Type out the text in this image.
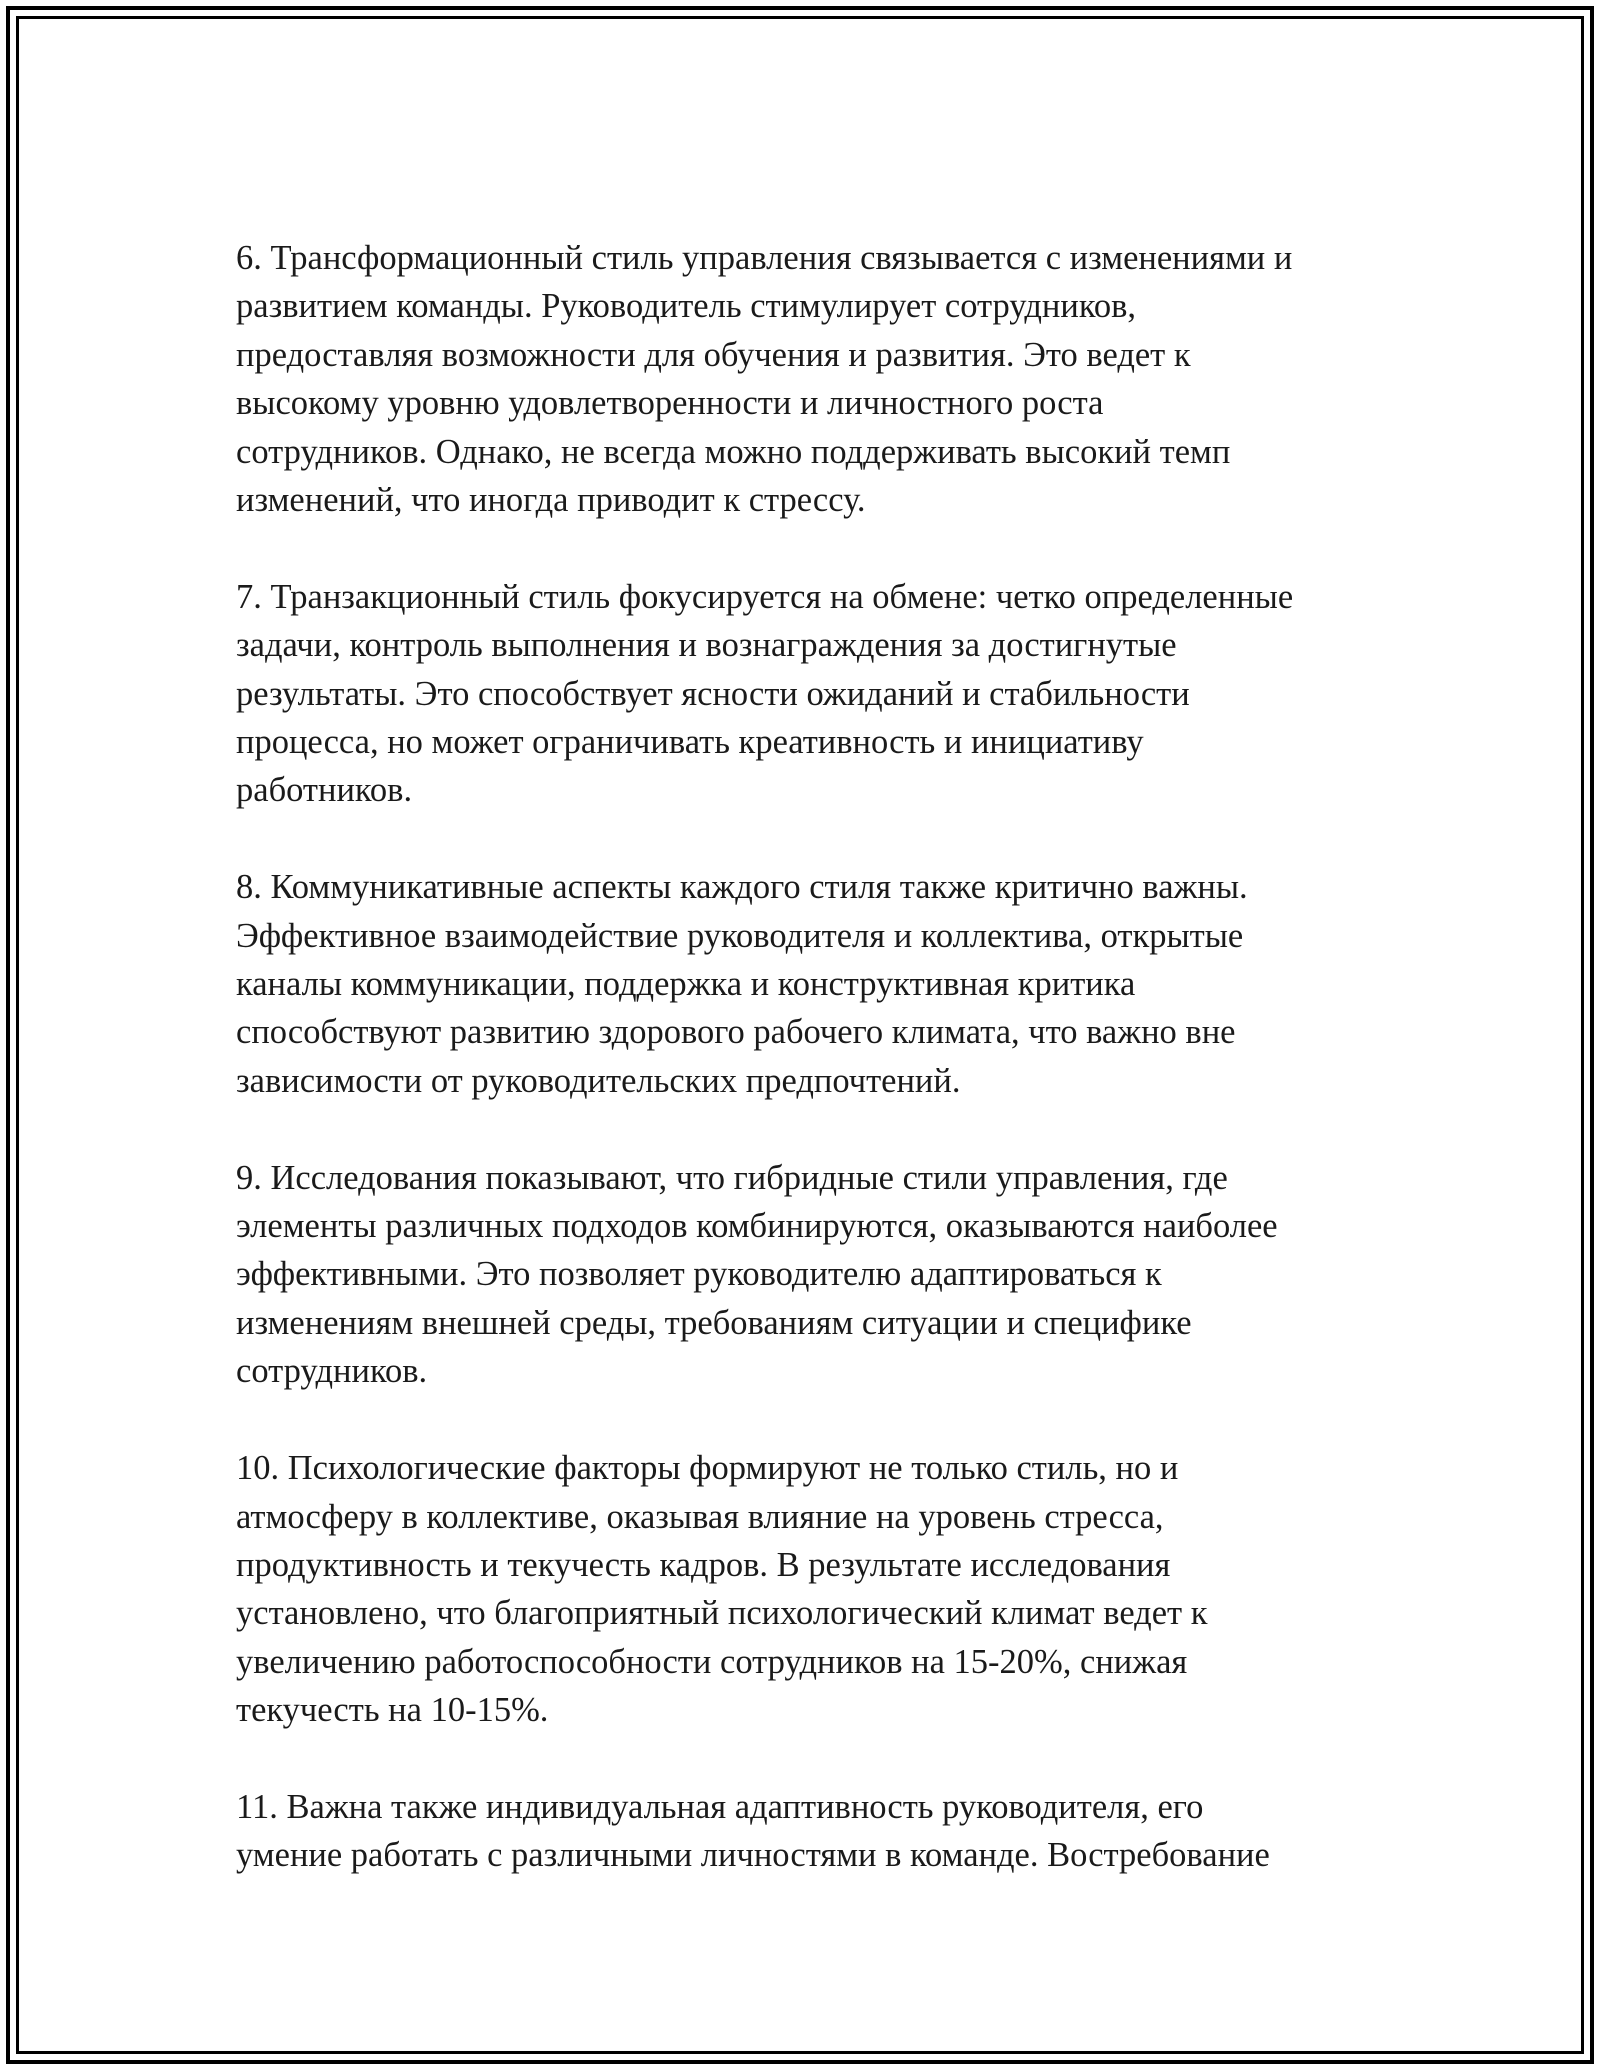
6. Трансформационный стиль управления связывается с изменениями и
развитием команды. Руководитель стимулирует сотрудников,
предоставляя возможности для обучения и развития. Это ведет к
высокому уровню удовлетворенности и личностного роста
сотрудников. Однако, не всегда можно поддерживать высокий темп
изменений, что иногда приводит к стрессу.

7. Транзакционный стиль фокусируется на обмене: четко определенные
задачи, контроль выполнения и вознаграждения за достигнутые
результаты. Это способствует ясности ожиданий и стабильности
процесса, но может ограничивать креативность и инициативу
работников.

8. Коммуникативные аспекты каждого стиля также критично важны.
Эффективное взаимодействие руководителя и коллектива, открытые
каналы коммуникации, поддержка и конструктивная критика
способствуют развитию здорового рабочего климата, что важно вне
зависимости от руководительских предпочтений.

9. Исследования показывают, что гибридные стили управления, где
элементы различных подходов комбинируются, оказываются наиболее
эффективными. Это позволяет руководителю адаптироваться к
изменениям внешней среды, требованиям ситуации и специфике
сотрудников.

10. Психологические факторы формируют не только стиль, но и
атмосферу в коллективе, оказывая влияние на уровень стресса,
продуктивность и текучесть кадров. В результате исследования
установлено, что благоприятный психологический климат ведет к
увеличению работоспособности сотрудников на 15-20%, снижая
текучесть на 10-15%.

11. Важна также индивидуальная адаптивность руководителя, его
умение работать с различными личностями в команде. Востребование
